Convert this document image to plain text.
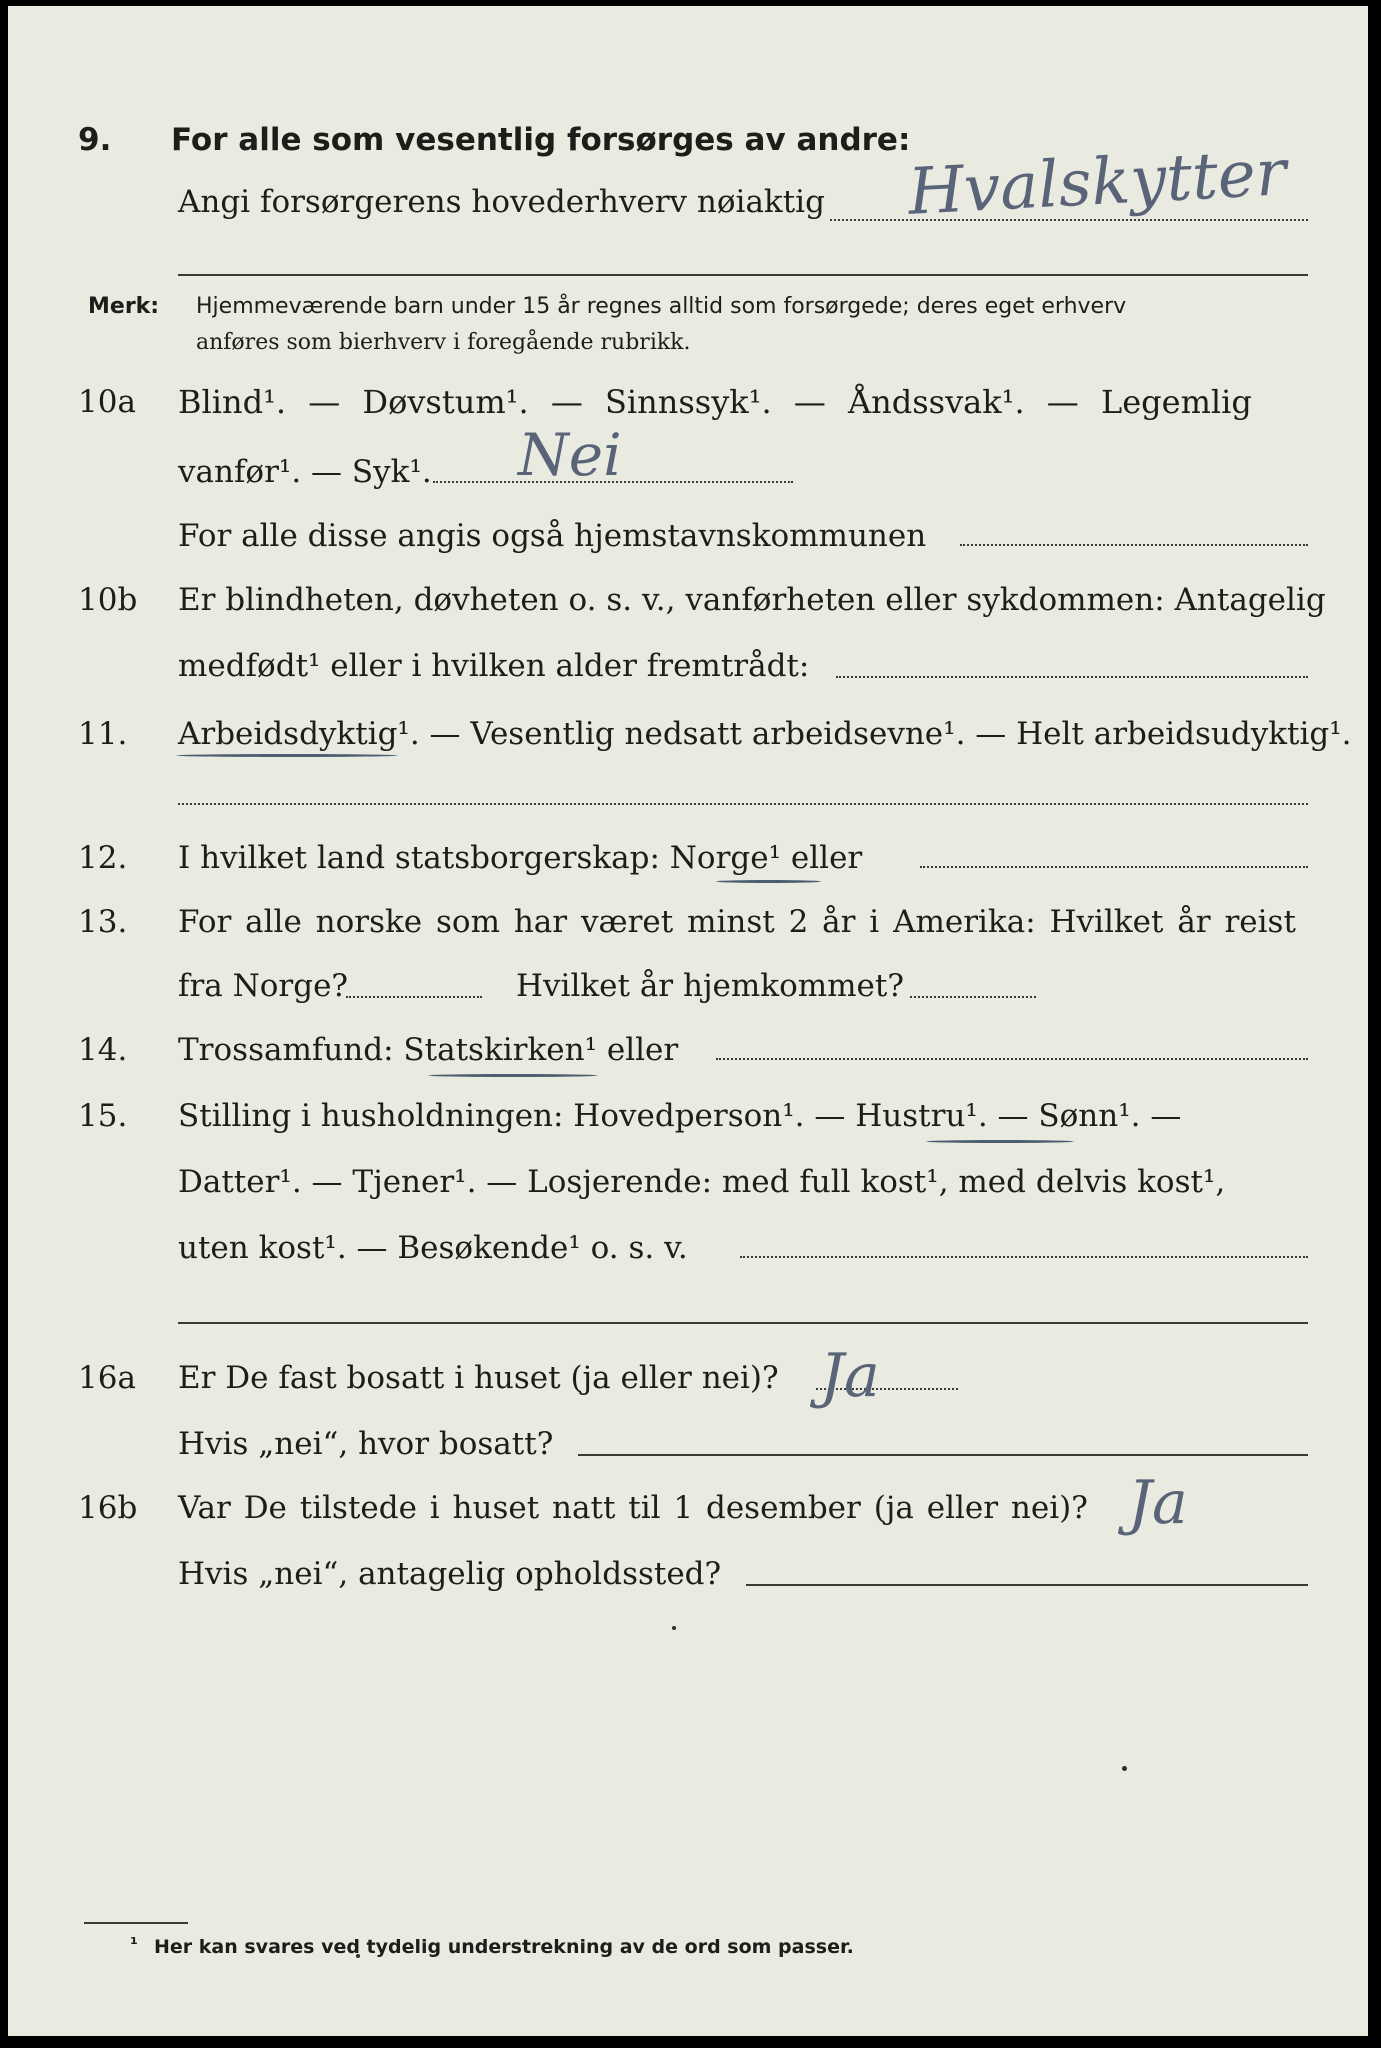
9.	For alle som vesentlig forsørges av andre:
Angi forsørgerens hovederhverv nøiaktig Hvalskytter
Merk: Hjemmeværende barn under 15 år regnes alltid som forsørgede; deres eget erhverv
anføres som bierhverv i foregående rubrikk.
10a	Blind¹. — Døvstum¹. — Sinnssyk¹. — Åndssvak¹. — Legemlig
vanfør¹. — Syk¹. Nei
For alle disse angis også hjemstavnskommunen
10b	Er blindheten, døvheten o. s. v., vanførheten eller sykdommen: Antagelig
medfødt¹ eller i hvilken alder fremtrådt:
11.	Arbeidsdyktig¹. — Vesentlig nedsatt arbeidsevne¹. — Helt arbeidsudyktig¹.
12.	I hvilket land statsborgerskap: Norge¹ eller
13.	For alle norske som har været minst 2 år i Amerika: Hvilket år reist
fra Norge?	Hvilket år hjemkommet?
14.	Trossamfund: Statskirken¹ eller
15.	Stilling i husholdningen: Hovedperson¹. — Hustru¹. — Sønn¹. —
Datter¹. — Tjener¹. — Losjerende: med full kost¹, med delvis kost¹,
uten kost¹. — Besøkende¹ o. s. v.
16a	Er De fast bosatt i huset (ja eller nei)? Ja
Hvis „nei“, hvor bosatt?
16b	Var De tilstede i huset natt til 1 desember (ja eller nei)? Ja
Hvis „nei“, antagelig opholdssted?
¹ Her kan svares ved tydelig understrekning av de ord som passer.
